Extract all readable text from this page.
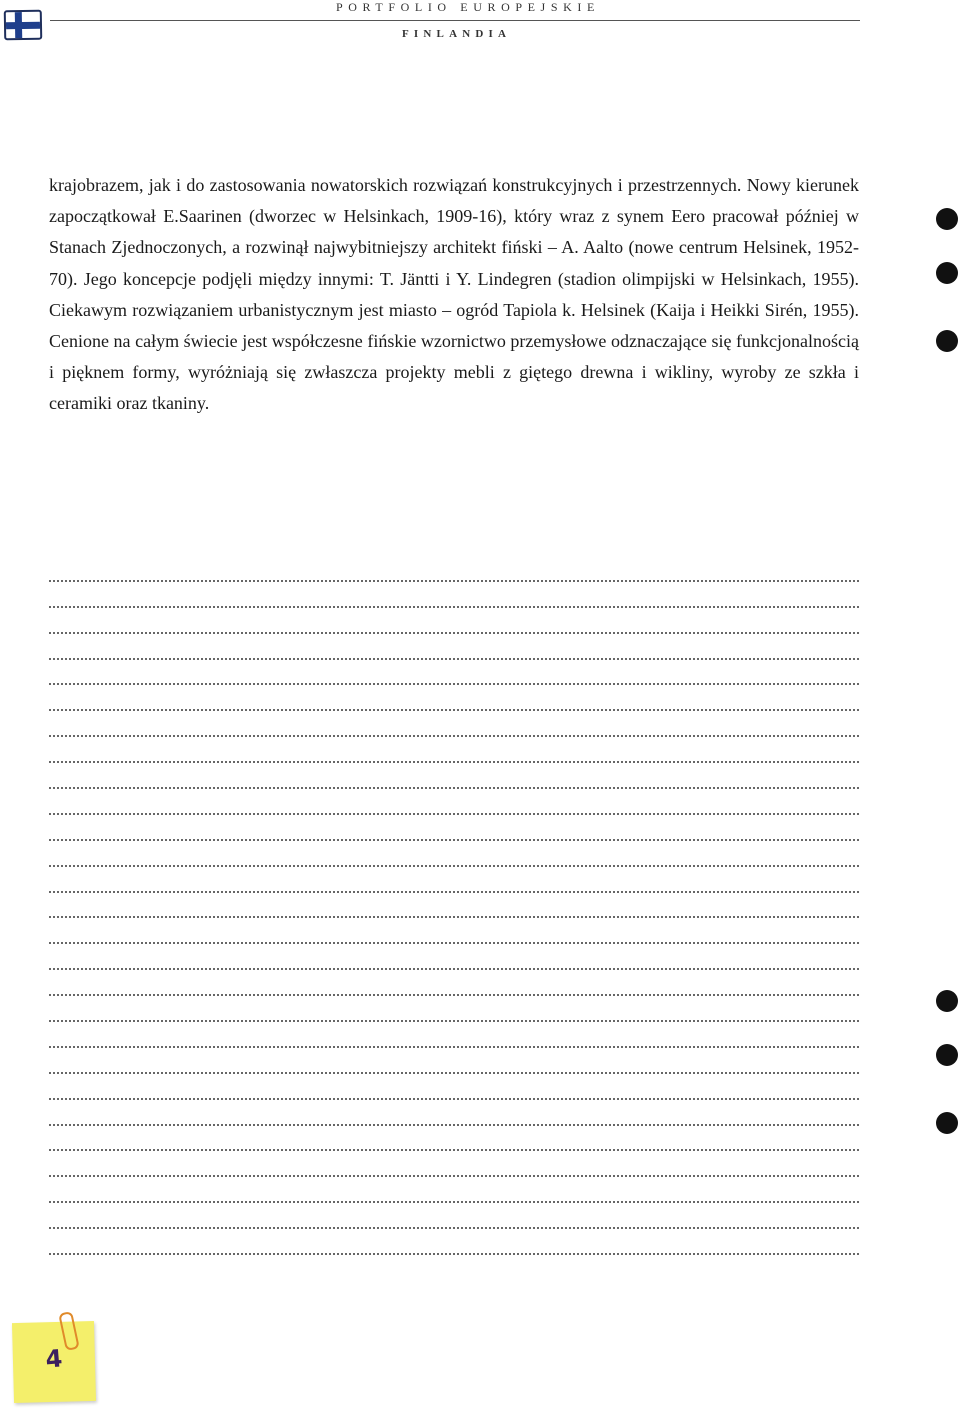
PORTFOLIO EUROPEJSKIE
FINLANDIA
krajobrazem, jak i do zastosowania nowatorskich rozwiązań konstrukcyjnych i przestrzennych. Nowy kierunek zapoczątkował E.Saarinen (dworzec w Helsinkach, 1909-16), który wraz z synem Eero pracował później w Stanach Zjednoczonych, a rozwinął najwybitniejszy architekt fiński – A. Aalto (nowe centrum Helsinek, 1952-70). Jego koncepcje podjęli między innymi: T. Jäntti i Y. Lindegren (stadion olimpijski w Helsinkach, 1955). Ciekawym rozwiązaniem urbanistycznym jest miasto – ogród Tapiola k. Helsinek (Kaija i Heikki Sirén, 1955). Cenione na całym świecie jest współczesne fińskie wzornictwo przemysłowe odznaczające się funkcjonalnością i pięknem formy, wyróżniają się zwłaszcza projekty mebli z giętego drewna i wikliny, wyroby ze szkła i ceramiki oraz tkaniny.
4
